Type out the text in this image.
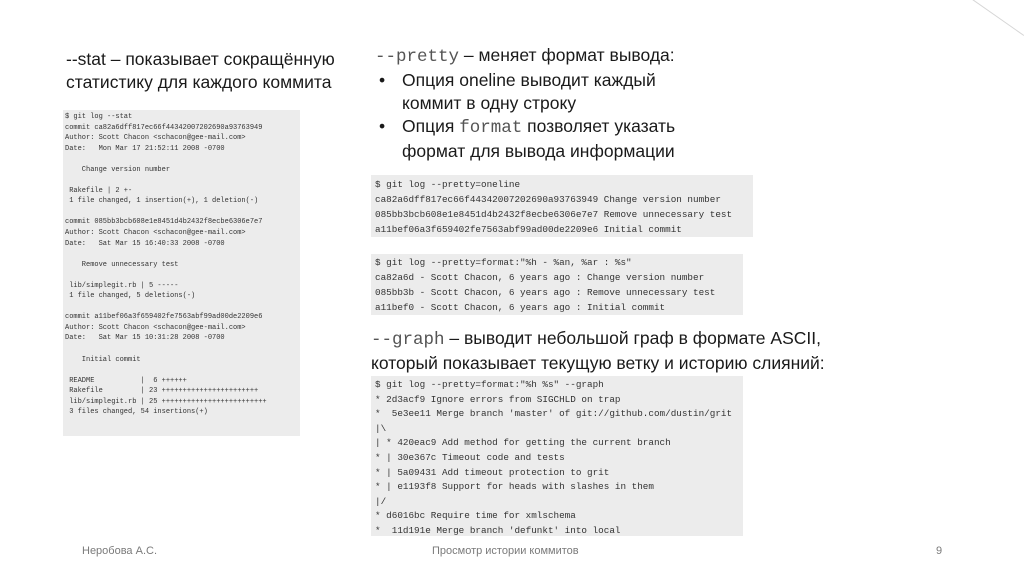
--stat – показывает сокращённую
статистику для каждого коммита
$ git log --stat
commit ca82a6dff817ec66f44342007202690a93763949
Author: Scott Chacon <schacon@gee-mail.com>
Date:   Mon Mar 17 21:52:11 2008 -0700

Change version number

Rakefile | 2 +-
1 file changed, 1 insertion(+), 1 deletion(-)

commit 085bb3bcb608e1e8451d4b2432f8ecbe6306e7e7
Author: Scott Chacon <schacon@gee-mail.com>
Date:   Sat Mar 15 16:40:33 2008 -0700

Remove unnecessary test

lib/simplegit.rb | 5 -----
1 file changed, 5 deletions(-)

commit a11bef06a3f659402fe7563abf99ad00de2209e6
Author: Scott Chacon <schacon@gee-mail.com>
Date:   Sat Mar 15 10:31:28 2008 -0700

Initial commit

README           |  6 ++++++
Rakefile         | 23 +++++++++++++++++++++++
lib/simplegit.rb | 25 +++++++++++++++++++++++++
3 files changed, 54 insertions(+)
--pretty – меняет формат вывода:
• Опция oneline выводит каждый
коммит в одну строку
• Опция format позволяет указать
формат для вывода информации
$ git log --pretty=oneline
ca82a6dff817ec66f44342007202690a93763949 Change version number
085bb3bcb608e1e8451d4b2432f8ecbe6306e7e7 Remove unnecessary test
a11bef06a3f659402fe7563abf99ad00de2209e6 Initial commit
$ git log --pretty=format:"%h - %an, %ar : %s"
ca82a6d - Scott Chacon, 6 years ago : Change version number
085bb3b - Scott Chacon, 6 years ago : Remove unnecessary test
a11bef0 - Scott Chacon, 6 years ago : Initial commit
--graph – выводит небольшой граф в формате ASCII,
который показывает текущую ветку и историю слияний:
$ git log --pretty=format:"%h %s" --graph
* 2d3acf9 Ignore errors from SIGCHLD on trap
*  5e3ee11 Merge branch 'master' of git://github.com/dustin/grit
|\
| * 420eac9 Add method for getting the current branch
* | 30e367c Timeout code and tests
* | 5a09431 Add timeout protection to grit
* | e1193f8 Support for heads with slashes in them
|/
* d6016bc Require time for xmlschema
*  11d191e Merge branch 'defunkt' into local
Неробова А.С.	Просмотр истории коммитов	9
